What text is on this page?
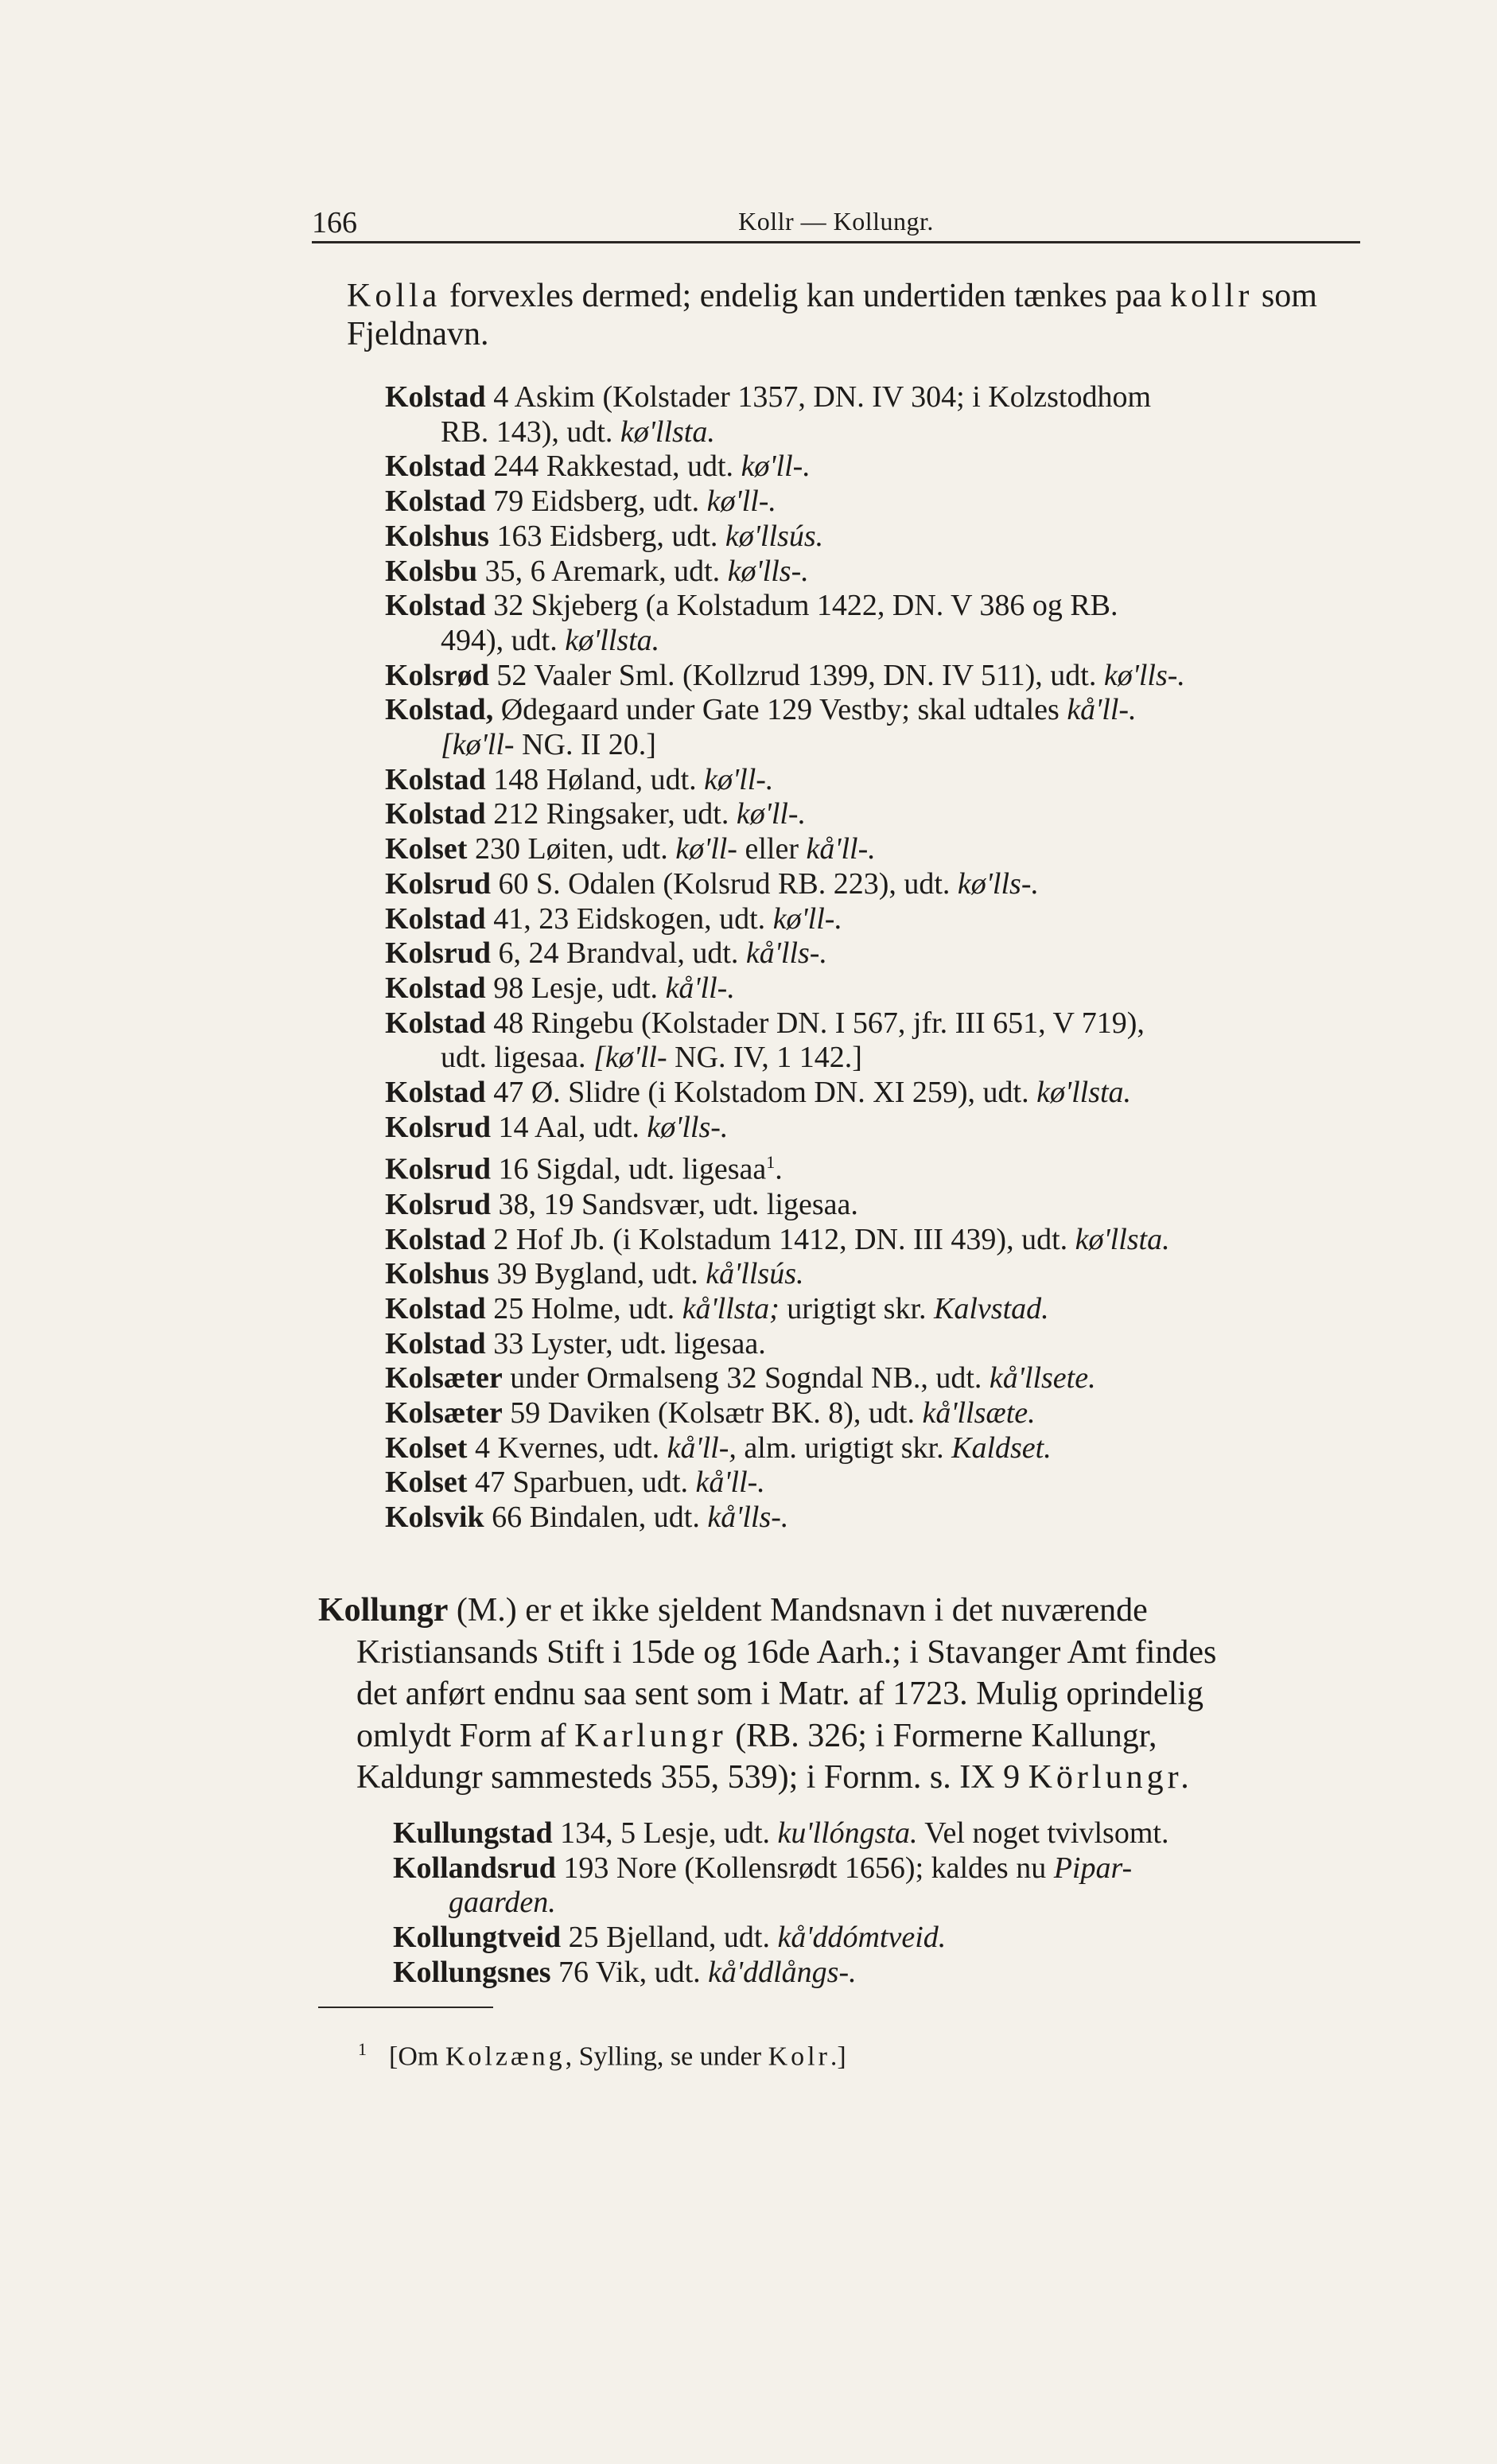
166	Kollr — Kollungr.
Kolla forvexles dermed; endelig kan undertiden tænkes paa kollr som Fjeldnavn.
Kolstad 4 Askim (Kolstader 1357, DN. IV 304; i Kolzstodhom
RB. 143), udt. kø'llsta.
Kolstad 244 Rakkestad, udt. kø'll-.
Kolstad 79 Eidsberg, udt. kø'll-.
Kolshus 163 Eidsberg, udt. kø'llsús.
Kolsbu 35, 6 Aremark, udt. kø'lls-.
Kolstad 32 Skjeberg (a Kolstadum 1422, DN. V 386 og RB.
494), udt. kø'llsta.
Kolsrød 52 Vaaler Sml. (Kollzrud 1399, DN. IV 511), udt. kø'lls-.
Kolstad, Ødegaard under Gate 129 Vestby; skal udtales kå'll-.
[kø'll- NG. II 20.]
Kolstad 148 Høland, udt. kø'll-.
Kolstad 212 Ringsaker, udt. kø'll-.
Kolset 230 Løiten, udt. kø'll- eller kå'll-.
Kolsrud 60 S. Odalen (Kolsrud RB. 223), udt. kø'lls-.
Kolstad 41, 23 Eidskogen, udt. kø'll-.
Kolsrud 6, 24 Brandval, udt. kå'lls-.
Kolstad 98 Lesje, udt. kå'll-.
Kolstad 48 Ringebu (Kolstader DN. I 567, jfr. III 651, V 719),
udt. ligesaa. [kø'll- NG. IV, 1 142.]
Kolstad 47 Ø. Slidre (i Kolstadom DN. XI 259), udt. kø'llsta.
Kolsrud 14 Aal, udt. kø'lls-.
Kolsrud 16 Sigdal, udt. ligesaa$^1$.
Kolsrud 38, 19 Sandsvær, udt. ligesaa.
Kolstad 2 Hof Jb. (i Kolstadum 1412, DN. III 439), udt. kø'llsta.
Kolshus 39 Bygland, udt. kå'llsús.
Kolstad 25 Holme, udt. kå'llsta; urigtigt skr. Kalvstad.
Kolstad 33 Lyster, udt. ligesaa.
Kolsæter under Ormalseng 32 Sogndal NB., udt. kå'llsete.
Kolsæter 59 Daviken (Kolsætr BK. 8), udt. kå'llsæte.
Kolset 4 Kvernes, udt. kå'll-, alm. urigtigt skr. Kaldset.
Kolset 47 Sparbuen, udt. kå'll-.
Kolsvik 66 Bindalen, udt. kå'lls-.
Kollungr (M.) er et ikke sjeldent Mandsnavn i det nuværende
Kristiansands Stift i 15de og 16de Aarh.; i Stavanger Amt findes
det anført endnu saa sent som i Matr. af 1723. Mulig oprindelig
omlydt Form af Karlungr (RB. 326; i Formerne Kallungr,
Kaldungr sammesteds 355, 539); i Fornm. s. IX 9 Körlungr.
Kullungstad 134, 5 Lesje, udt. ku'llóngsta. Vel noget tvivlsomt.
Kollandsrud 193 Nore (Kollensrødt 1656); kaldes nu Pipar-
gaarden.
Kollungtveid 25 Bjelland, udt. kå'ddómtveid.
Kollungsnes 76 Vik, udt. kå'ddlångs-.
$^1$ [Om Kolzæng, Sylling, se under Kolr.]
